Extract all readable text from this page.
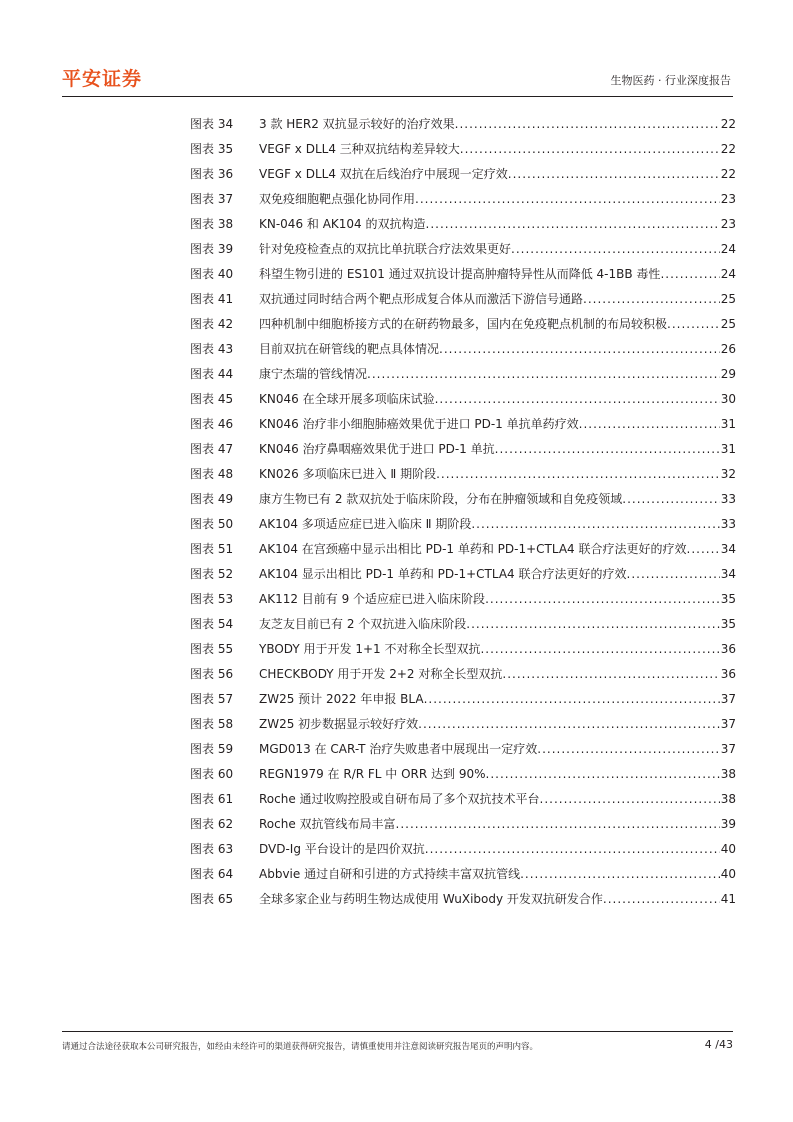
平安证券	生物医药 · 行业深度报告
图表 34	3 款 HER2 双抗显示较好的治疗效果 .....	22
图表 35	VEGF x DLL4 三种双抗结构差异较大 .....	22
图表 36	VEGF x DLL4 双抗在后线治疗中展现一定疗效 .....	22
图表 37	双免疫细胞靶点强化协同作用 .....	23
图表 38	KN-046 和 AK104 的双抗构造 .....	23
图表 39	针对免疫检查点的双抗比单抗联合疗法效果更好 .....	24
图表 40	科望生物引进的 ES101 通过双抗设计提高肿瘤特异性从而降低 4-1BB 毒性 .....	24
图表 41	双抗通过同时结合两个靶点形成复合体从而激活下游信号通路 .....	25
图表 42	四种机制中细胞桥接方式的在研药物最多，国内在免疫靶点机制的布局较积极 .....	25
图表 43	目前双抗在研管线的靶点具体情况 .....	26
图表 44	康宁杰瑞的管线情况 .....	29
图表 45	KN046 在全球开展多项临床试验 .....	30
图表 46	KN046 治疗非小细胞肺癌效果优于进口 PD-1 单抗单药疗效 .....	31
图表 47	KN046 治疗鼻咽癌效果优于进口 PD-1 单抗 .....	31
图表 48	KN026 多项临床已进入 Ⅱ 期阶段 .....	32
图表 49	康方生物已有 2 款双抗处于临床阶段，分布在肿瘤领域和自免疫领域 .....	33
图表 50	AK104 多项适应症已进入临床 Ⅱ 期阶段 .....	33
图表 51	AK104 在宫颈癌中显示出相比 PD-1 单药和 PD-1+CTLA4 联合疗法更好的疗效 .....	34
图表 52	AK104 显示出相比 PD-1 单药和 PD-1+CTLA4 联合疗法更好的疗效 .....	34
图表 53	AK112 目前有 9 个适应症已进入临床阶段 .....	35
图表 54	友芝友目前已有 2 个双抗进入临床阶段 .....	35
图表 55	YBODY 用于开发 1+1 不对称全长型双抗 .....	36
图表 56	CHECKBODY 用于开发 2+2 对称全长型双抗 .....	36
图表 57	ZW25 预计 2022 年申报 BLA .....	37
图表 58	ZW25 初步数据显示较好疗效 .....	37
图表 59	MGD013 在 CAR-T 治疗失败患者中展现出一定疗效 .....	37
图表 60	REGN1979 在 R/R FL 中 ORR 达到 90% .....	38
图表 61	Roche 通过收购控股或自研布局了多个双抗技术平台 .....	38
图表 62	Roche 双抗管线布局丰富 .....	39
图表 63	DVD-Ig 平台设计的是四价双抗 .....	40
图表 64	Abbvie 通过自研和引进的方式持续丰富双抗管线 .....	40
图表 65	全球多家企业与药明生物达成使用 WuXibody 开发双抗研发合作 .....	41
请通过合法途径获取本公司研究报告，如经由未经许可的渠道获得研究报告，请慎重使用并注意阅读研究报告尾页的声明内容。	4 /43
